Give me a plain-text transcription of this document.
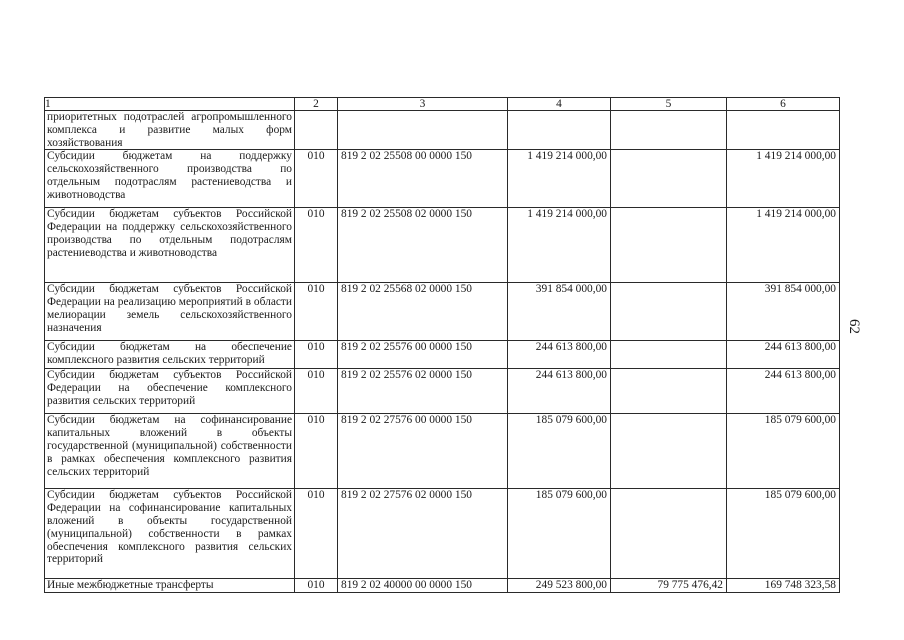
1	2	3	4	5	6
приоритетных подотраслей агропромышленного комплекса и развитие малых форм хозяйствования					
Субсидии бюджетам на поддержку сельскохозяйственного производства по отдельным подотраслям растениеводства и животноводства	010	819 2 02 25508 00 0000 150	1 419 214 000,00		1 419 214 000,00
Субсидии бюджетам субъектов Российской Федерации на поддержку сельскохозяйственного производства по отдельным подотраслям растениеводства и животноводства	010	819 2 02 25508 02 0000 150	1 419 214 000,00		1 419 214 000,00
Субсидии бюджетам субъектов Российской Федерации на реализацию мероприятий в области мелиорации земель сельскохозяйственного назначения	010	819 2 02 25568 02 0000 150	391 854 000,00		391 854 000,00
Субсидии бюджетам на обеспечение комплексного развития сельских территорий	010	819 2 02 25576 00 0000 150	244 613 800,00		244 613 800,00
Субсидии бюджетам субъектов Российской Федерации на обеспечение комплексного развития сельских территорий	010	819 2 02 25576 02 0000 150	244 613 800,00		244 613 800,00
Субсидии бюджетам на софинансирование капитальных вложений в объекты государственной (муниципальной) собственности в рамках обеспечения комплексного развития сельских территорий	010	819 2 02 27576 00 0000 150	185 079 600,00		185 079 600,00
Субсидии бюджетам субъектов Российской Федерации на софинансирование капитальных вложений в объекты государственной (муниципальной) собственности в рамках обеспечения комплексного развития сельских территорий	010	819 2 02 27576 02 0000 150	185 079 600,00		185 079 600,00
Иные межбюджетные трансферты	010	819 2 02 40000 00 0000 150	249 523 800,00	79 775 476,42	169 748 323,58
62
